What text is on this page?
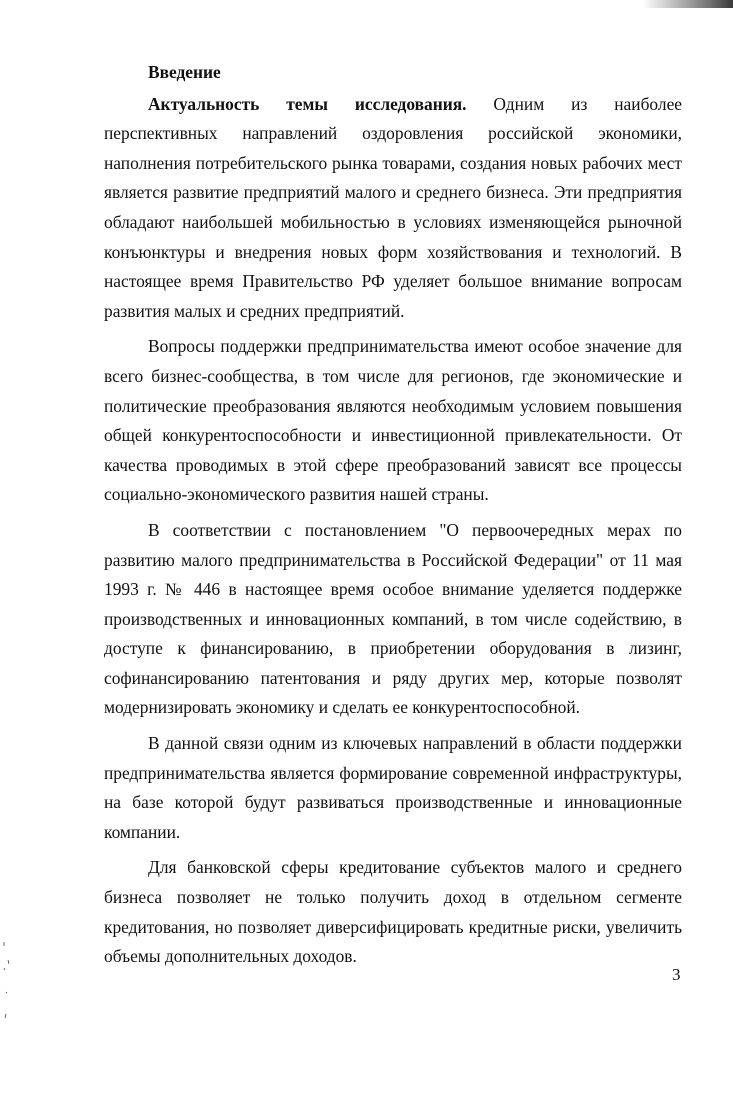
Введение

Актуальность темы исследования. Одним из наиболее перспективных направлений оздоровления российской экономики, наполнения потребительского рынка товарами, создания новых рабочих мест является развитие предприятий малого и среднего бизнеса. Эти предприятия обладают наибольшей мобильностью в условиях изменяющейся рыночной конъюнктуры и внедрения новых форм хозяйствования и технологий. В настоящее время Правительство РФ уделяет большое внимание вопросам развития малых и средних предприятий.

Вопросы поддержки предпринимательства имеют особое значение для всего бизнес-сообщества, в том числе для регионов, где экономические и политические преобразования являются необходимым условием повышения общей конкурентоспособности и инвестиционной привлекательности. От качества проводимых в этой сфере преобразований зависят все процессы социально-экономического развития нашей страны.

В соответствии с постановлением "О первоочередных мерах по развитию малого предпринимательства в Российской Федерации" от 11 мая 1993 г. № 446 в настоящее время особое внимание уделяется поддержке производственных и инновационных компаний, в том числе содействию, в доступе к финансированию, в приобретении оборудования в лизинг, софинансированию патентования и ряду других мер, которые позволят модернизировать экономику и сделать ее конкурентоспособной.

В данной связи одним из ключевых направлений в области поддержки предпринимательства является формирование современной инфраструктуры, на базе которой будут развиваться производственные и инновационные компании.

Для банковской сферы кредитование субъектов малого и среднего бизнеса позволяет не только получить доход в отдельном сегменте кредитования, но позволяет диверсифицировать кредитные риски, увеличить объемы дополнительных доходов.

3
